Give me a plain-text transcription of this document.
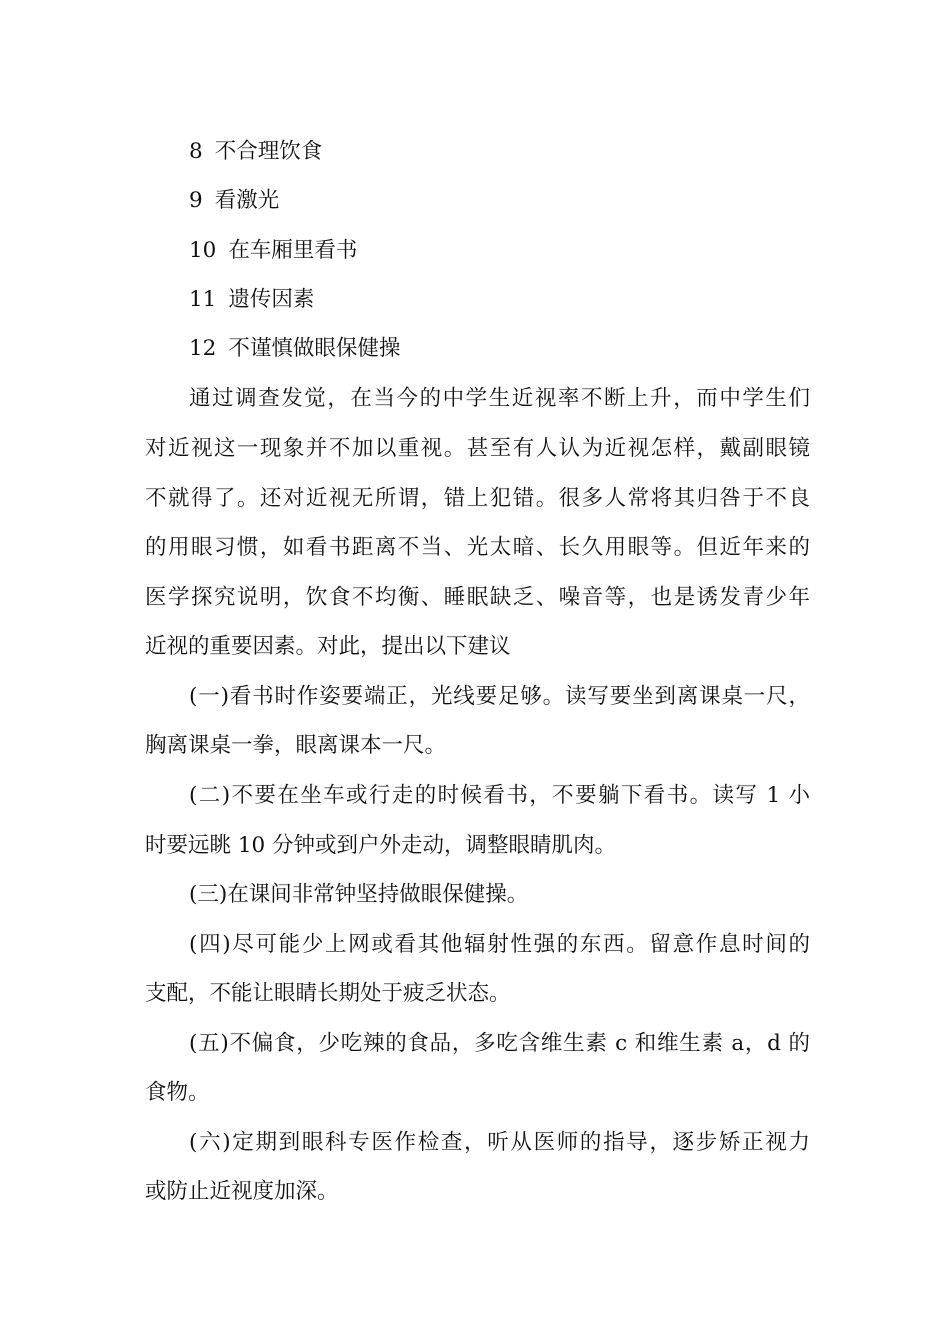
8 不合理饮食
9 看激光
10 在车厢里看书
11 遗传因素
12 不谨慎做眼保健操
通过调查发觉，在当今的中学生近视率不断上升，而中学生们
对近视这一现象并不加以重视。甚至有人认为近视怎样，戴副眼镜
不就得了。还对近视无所谓，错上犯错。很多人常将其归咎于不良
的用眼习惯，如看书距离不当、光太暗、长久用眼等。但近年来的
医学探究说明，饮食不均衡、睡眠缺乏、噪音等，也是诱发青少年
近视的重要因素。对此，提出以下建议
(一)看书时作姿要端正，光线要足够。读写要坐到离课桌一尺，
胸离课桌一拳，眼离课本一尺。
(二)不要在坐车或行走的时候看书，不要躺下看书。读写 1 小
时要远眺 10 分钟或到户外走动，调整眼睛肌肉。
(三)在课间非常钟坚持做眼保健操。
(四)尽可能少上网或看其他辐射性强的东西。留意作息时间的
支配，不能让眼睛长期处于疲乏状态。
(五)不偏食，少吃辣的食品，多吃含维生素 c 和维生素 a，d 的
食物。
(六)定期到眼科专医作检查，听从医师的指导，逐步矫正视力
或防止近视度加深。
